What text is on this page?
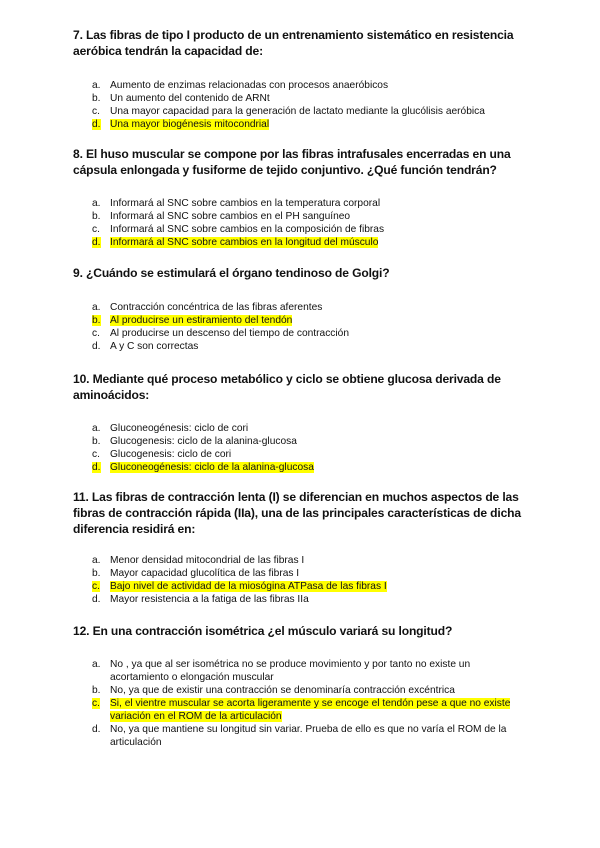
7. Las fibras de tipo I producto de un entrenamiento sistemático en resistencia aeróbica tendrán la capacidad de:

a. Aumento de enzimas relacionadas con procesos anaeróbicos
b. Un aumento del contenido de ARNt
c. Una mayor capacidad para la generación de lactato mediante la glucólisis aeróbica
d. Una mayor biogénesis mitocondrial

8. El huso muscular se compone por las fibras intrafusales encerradas en una cápsula enlongada y fusiforme de tejido conjuntivo. ¿Qué función tendrán?

a. Informará al SNC sobre cambios en la temperatura corporal
b. Informará al SNC sobre cambios en el PH sanguíneo
c. Informará al SNC sobre cambios en la composición de fibras
d. Informará al SNC sobre cambios en la longitud del músculo

9. ¿Cuándo se estimulará el órgano tendinoso de Golgi?

a. Contracción concéntrica de las fibras aferentes
b. Al producirse un estiramiento del tendón
c. Al producirse un descenso del tiempo de contracción
d. A y C son correctas

10. Mediante qué proceso metabólico y ciclo se obtiene glucosa derivada de aminoácidos:

a. Gluconeogénesis: ciclo de cori
b. Glucogenesis: ciclo de la alanina-glucosa
c. Glucogenesis: ciclo de cori
d. Gluconeogénesis: ciclo de la alanina-glucosa

11. Las fibras de contracción lenta (I) se diferencian en muchos aspectos de las fibras de contracción rápida (IIa), una de las principales características de dicha diferencia residirá en:

a. Menor densidad mitocondrial de las fibras I
b. Mayor capacidad glucolítica de las fibras I
c. Bajo nivel de actividad de la miosógina ATPasa de las fibras I
d. Mayor resistencia a la fatiga de las fibras IIa

12. En una contracción isométrica ¿el músculo variará su longitud?

a. No , ya que al ser isométrica no se produce movimiento y por tanto no existe un acortamiento o elongación muscular
b. No, ya que de existir una contracción se denominaría contracción excéntrica
c. Si, el vientre muscular se acorta ligeramente y se encoge el tendón pese a que no existe variación en el ROM de la articulación
d. No, ya que mantiene su longitud sin variar. Prueba de ello es que no varía el ROM de la articulación
